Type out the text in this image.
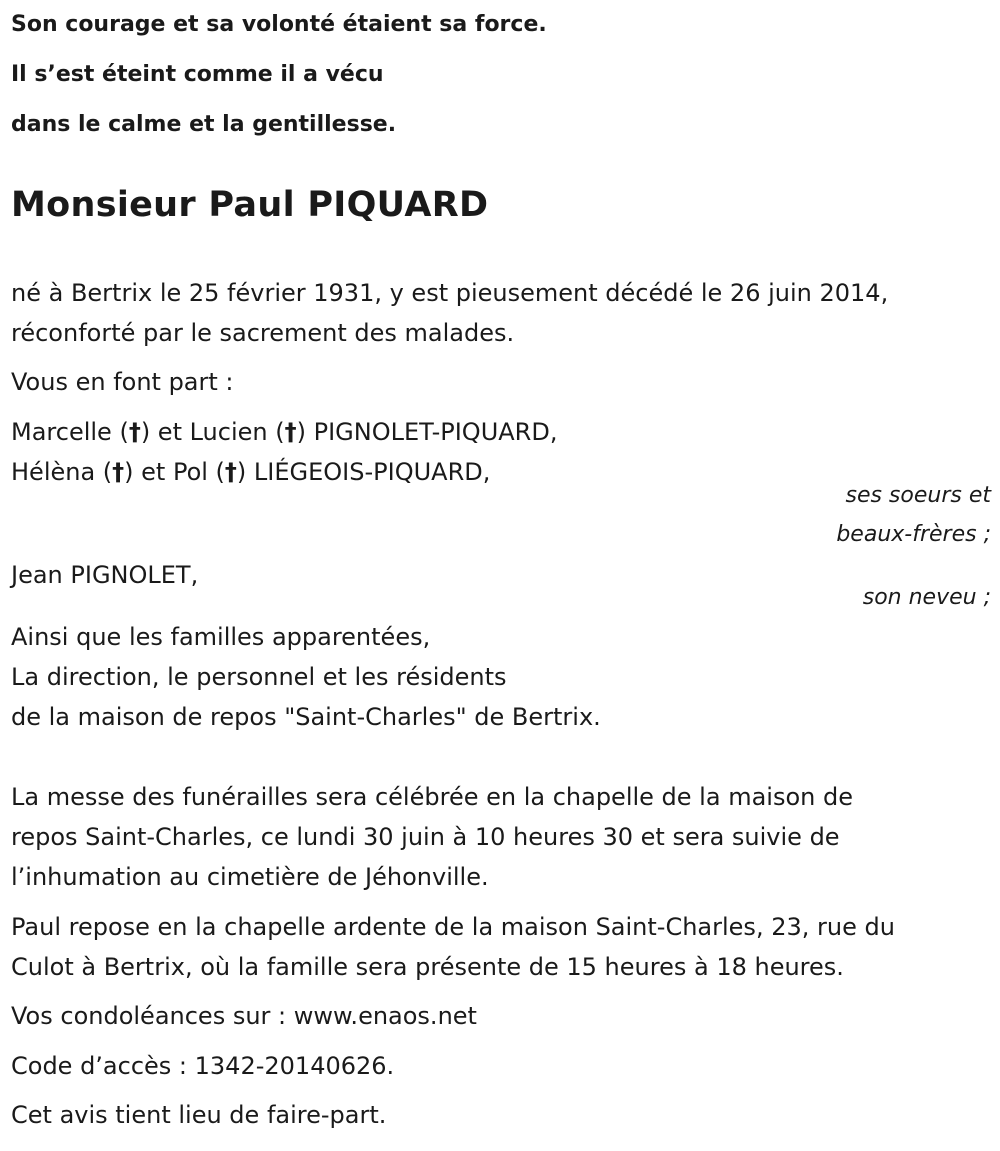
Son courage et sa volonté étaient sa force.
Il s’est éteint comme il a vécu
dans le calme et la gentillesse.
Monsieur Paul PIQUARD
né à Bertrix le 25 février 1931, y est pieusement décédé le 26 juin 2014,
réconforté par le sacrement des malades.
Vous en font part :
Marcelle (†) et Lucien (†) PIGNOLET-PIQUARD,
Hélèna (†) et Pol (†) LIÉGEOIS-PIQUARD,
ses soeurs et
beaux-frères ;
Jean PIGNOLET,
son neveu ;
Ainsi que les familles apparentées,
La direction, le personnel et les résidents
de la maison de repos "Saint-Charles" de Bertrix.
La messe des funérailles sera célébrée en la chapelle de la maison de
repos Saint-Charles, ce lundi 30 juin à 10 heures 30 et sera suivie de
l’inhumation au cimetière de Jéhonville.
Paul repose en la chapelle ardente de la maison Saint-Charles, 23, rue du
Culot à Bertrix, où la famille sera présente de 15 heures à 18 heures.
Vos condoléances sur : www.enaos.net
Code d’accès : 1342-20140626.
Cet avis tient lieu de faire-part.
